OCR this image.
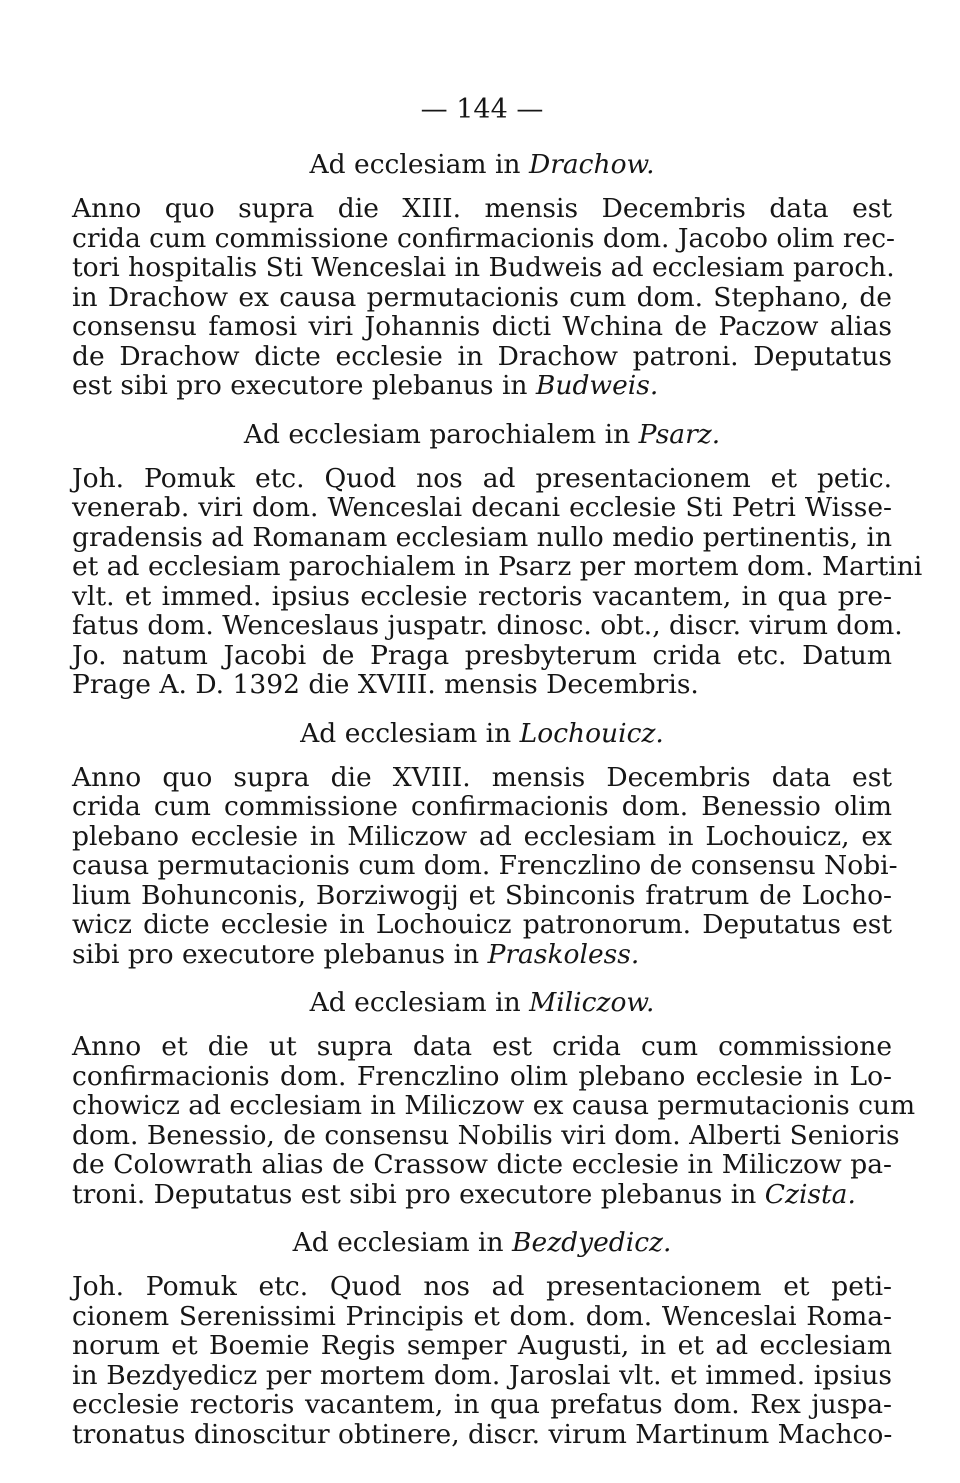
— 144 —
Ad ecclesiam in Drachow.
Anno quo supra die XIII. mensis Decembris data est
crida cum commissione confirmacionis dom. Jacobo olim rec-
tori hospitalis Sti Wenceslai in Budweis ad ecclesiam paroch.
in Drachow ex causa permutacionis cum dom. Stephano, de
consensu famosi viri Johannis dicti Wchina de Paczow alias
de Drachow dicte ecclesie in Drachow patroni. Deputatus
est sibi pro executore plebanus in Budweis.
Ad ecclesiam parochialem in Psarz.
Joh. Pomuk etc. Quod nos ad presentacionem et petic.
venerab. viri dom. Wenceslai decani ecclesie Sti Petri Wisse-
gradensis ad Romanam ecclesiam nullo medio pertinentis, in
et ad ecclesiam parochialem in Psarz per mortem dom. Martini
vlt. et immed. ipsius ecclesie rectoris vacantem, in qua pre-
fatus dom. Wenceslaus juspatr. dinosc. obt., discr. virum dom.
Jo. natum Jacobi de Praga presbyterum crida etc. Datum
Prage A. D. 1392 die XVIII. mensis Decembris.
Ad ecclesiam in Lochouicz.
Anno quo supra die XVIII. mensis Decembris data est
crida cum commissione confirmacionis dom. Benessio olim
plebano ecclesie in Miliczow ad ecclesiam in Lochouicz, ex
causa permutacionis cum dom. Frenczlino de consensu Nobi-
lium Bohunconis, Borziwogij et Sbinconis fratrum de Locho-
wicz dicte ecclesie in Lochouicz patronorum. Deputatus est
sibi pro executore plebanus in Praskoless.
Ad ecclesiam in Miliczow.
Anno et die ut supra data est crida cum commissione
confirmacionis dom. Frenczlino olim plebano ecclesie in Lo-
chowicz ad ecclesiam in Miliczow ex causa permutacionis cum
dom. Benessio, de consensu Nobilis viri dom. Alberti Senioris
de Colowrath alias de Crassow dicte ecclesie in Miliczow pa-
troni. Deputatus est sibi pro executore plebanus in Czista.
Ad ecclesiam in Bezdyedicz.
Joh. Pomuk etc. Quod nos ad presentacionem et peti-
cionem Serenissimi Principis et dom. dom. Wenceslai Roma-
norum et Boemie Regis semper Augusti, in et ad ecclesiam
in Bezdyedicz per mortem dom. Jaroslai vlt. et immed. ipsius
ecclesie rectoris vacantem, in qua prefatus dom. Rex juspa-
tronatus dinoscitur obtinere, discr. virum Martinum Machco-
